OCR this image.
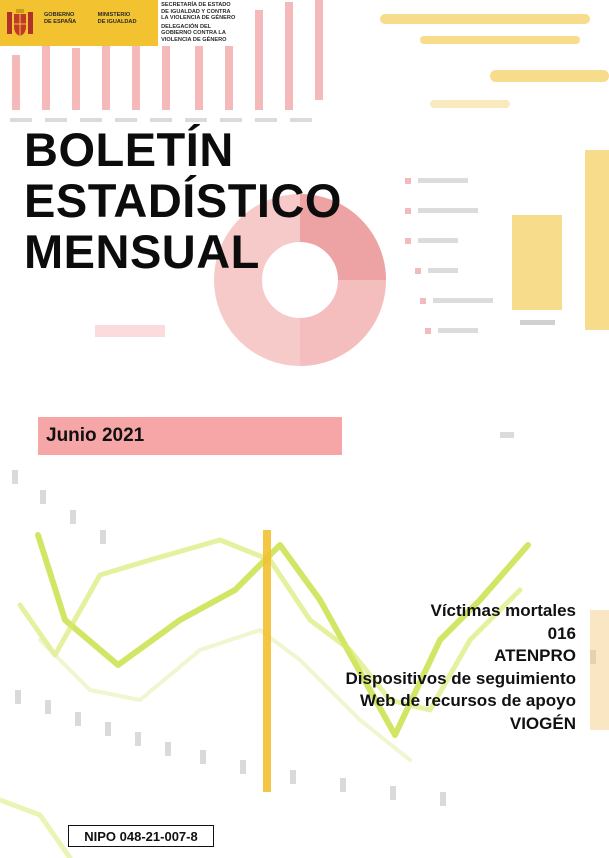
GOBIERNO
DE ESPAÑA
MINISTERIO
DE IGUALDAD
SECRETARÍA DE ESTADO
DE IGUALDAD Y CONTRA
LA VIOLENCIA DE GÉNERO
DELEGACIÓN DEL
GOBIERNO CONTRA LA
VIOLENCIA DE GÉNERO
BOLETÍN
ESTADÍSTICO
MENSUAL
Junio 2021
Víctimas mortales
016
ATENPRO
Dispositivos de seguimiento
Web de recursos de apoyo
VIOGÉN
NIPO 048-21-007-8
